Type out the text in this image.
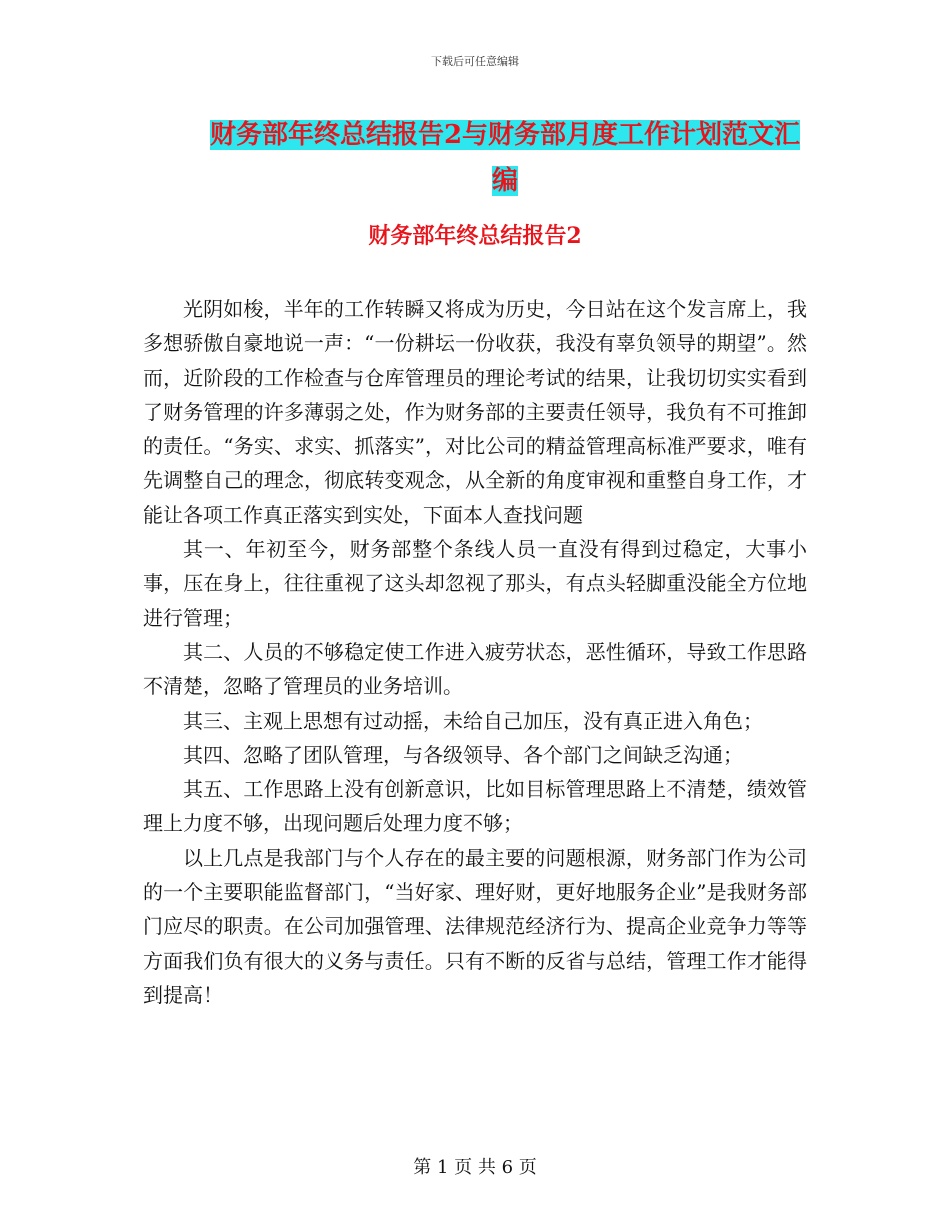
下载后可任意编辑
财务部年终总结报告2与财务部月度工作计划范文汇
编
财务部年终总结报告2

光阴如梭，半年的工作转瞬又将成为历史，今日站在这个发言席上，我多想骄傲自豪地说一声：“一份耕坛一份收获，我没有辜负领导的期望”。然而，近阶段的工作检查与仓库管理员的理论考试的结果，让我切切实实看到了财务管理的许多薄弱之处，作为财务部的主要责任领导，我负有不可推卸的责任。“务实、求实、抓落实”，对比公司的精益管理高标准严要求，唯有先调整自己的理念，彻底转变观念，从全新的角度审视和重整自身工作，才能让各项工作真正落实到实处，下面本人查找问题

其一、年初至今，财务部整个条线人员一直没有得到过稳定，大事小事，压在身上，往往重视了这头却忽视了那头，有点头轻脚重没能全方位地进行管理；

其二、人员的不够稳定使工作进入疲劳状态，恶性循环，导致工作思路不清楚，忽略了管理员的业务培训。

其三、主观上思想有过动摇，未给自己加压，没有真正进入角色；

其四、忽略了团队管理，与各级领导、各个部门之间缺乏沟通；

其五、工作思路上没有创新意识，比如目标管理思路上不清楚，绩效管理上力度不够，出现问题后处理力度不够；

以上几点是我部门与个人存在的最主要的问题根源，财务部门作为公司的一个主要职能监督部门，“当好家、理好财，更好地服务企业”是我财务部门应尽的职责。在公司加强管理、法律规范经济行为、提高企业竞争力等等方面我们负有很大的义务与责任。只有不断的反省与总结，管理工作才能得到提高！

第 1 页 共 6 页
